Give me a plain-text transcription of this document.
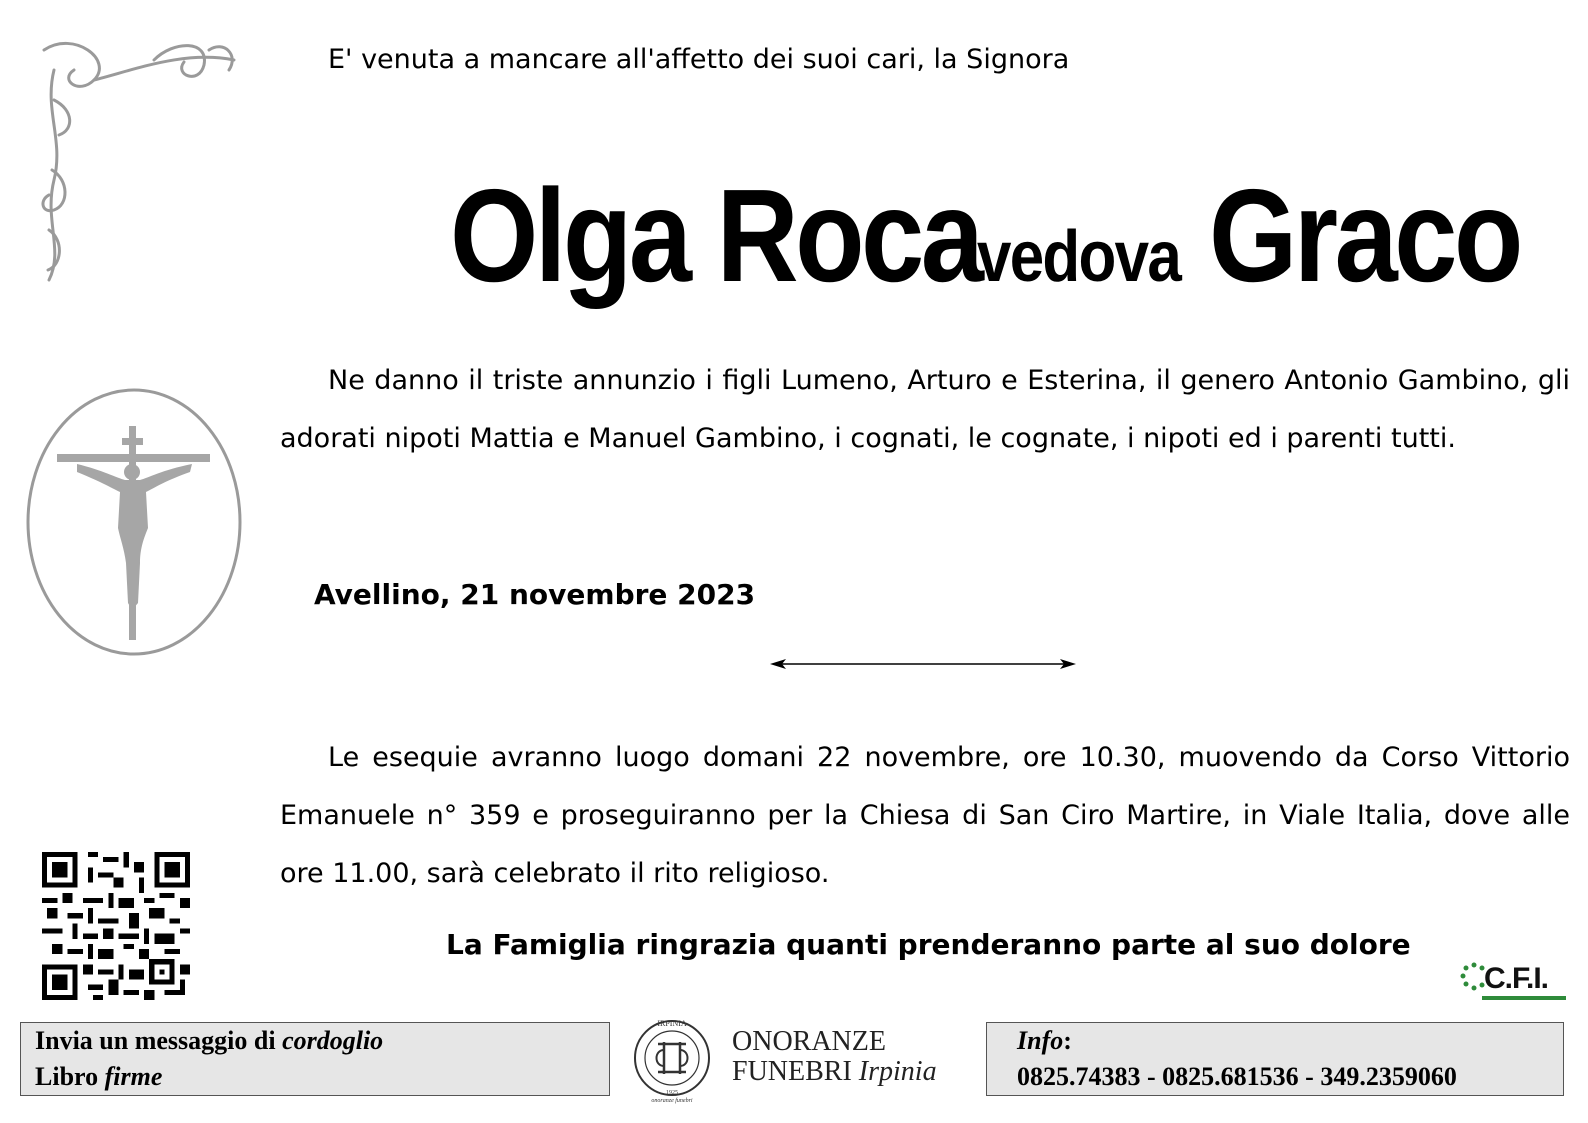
E' venuta a mancare all'affetto dei suoi cari, la Signora
Olga Roca
vedova Graco
Ne danno il triste annunzio i figli Lumeno, Arturo e Esterina, il genero Antonio Gambino, gli adorati nipoti Mattia e Manuel Gambino, i cognati, le cognate, i nipoti ed i parenti tutti.
Avellino, 21 novembre 2023
Le esequie avranno luogo domani 22 novembre, ore 10.30, muovendo da Corso Vittorio Emanuele n° 359 e proseguiranno per la Chiesa di San Ciro Martire, in Viale Italia, dove alle ore 11.00, sarà celebrato il rito religioso.
La Famiglia ringrazia quanti prenderanno parte al suo dolore
C.F.I.
Invia un messaggio di cordoglio
Libro firme
IRPINIA
1925
onoranze funebri
ONORANZE
FUNEBRI Irpinia
Info:
0825.74383 - 0825.681536 - 349.2359060
